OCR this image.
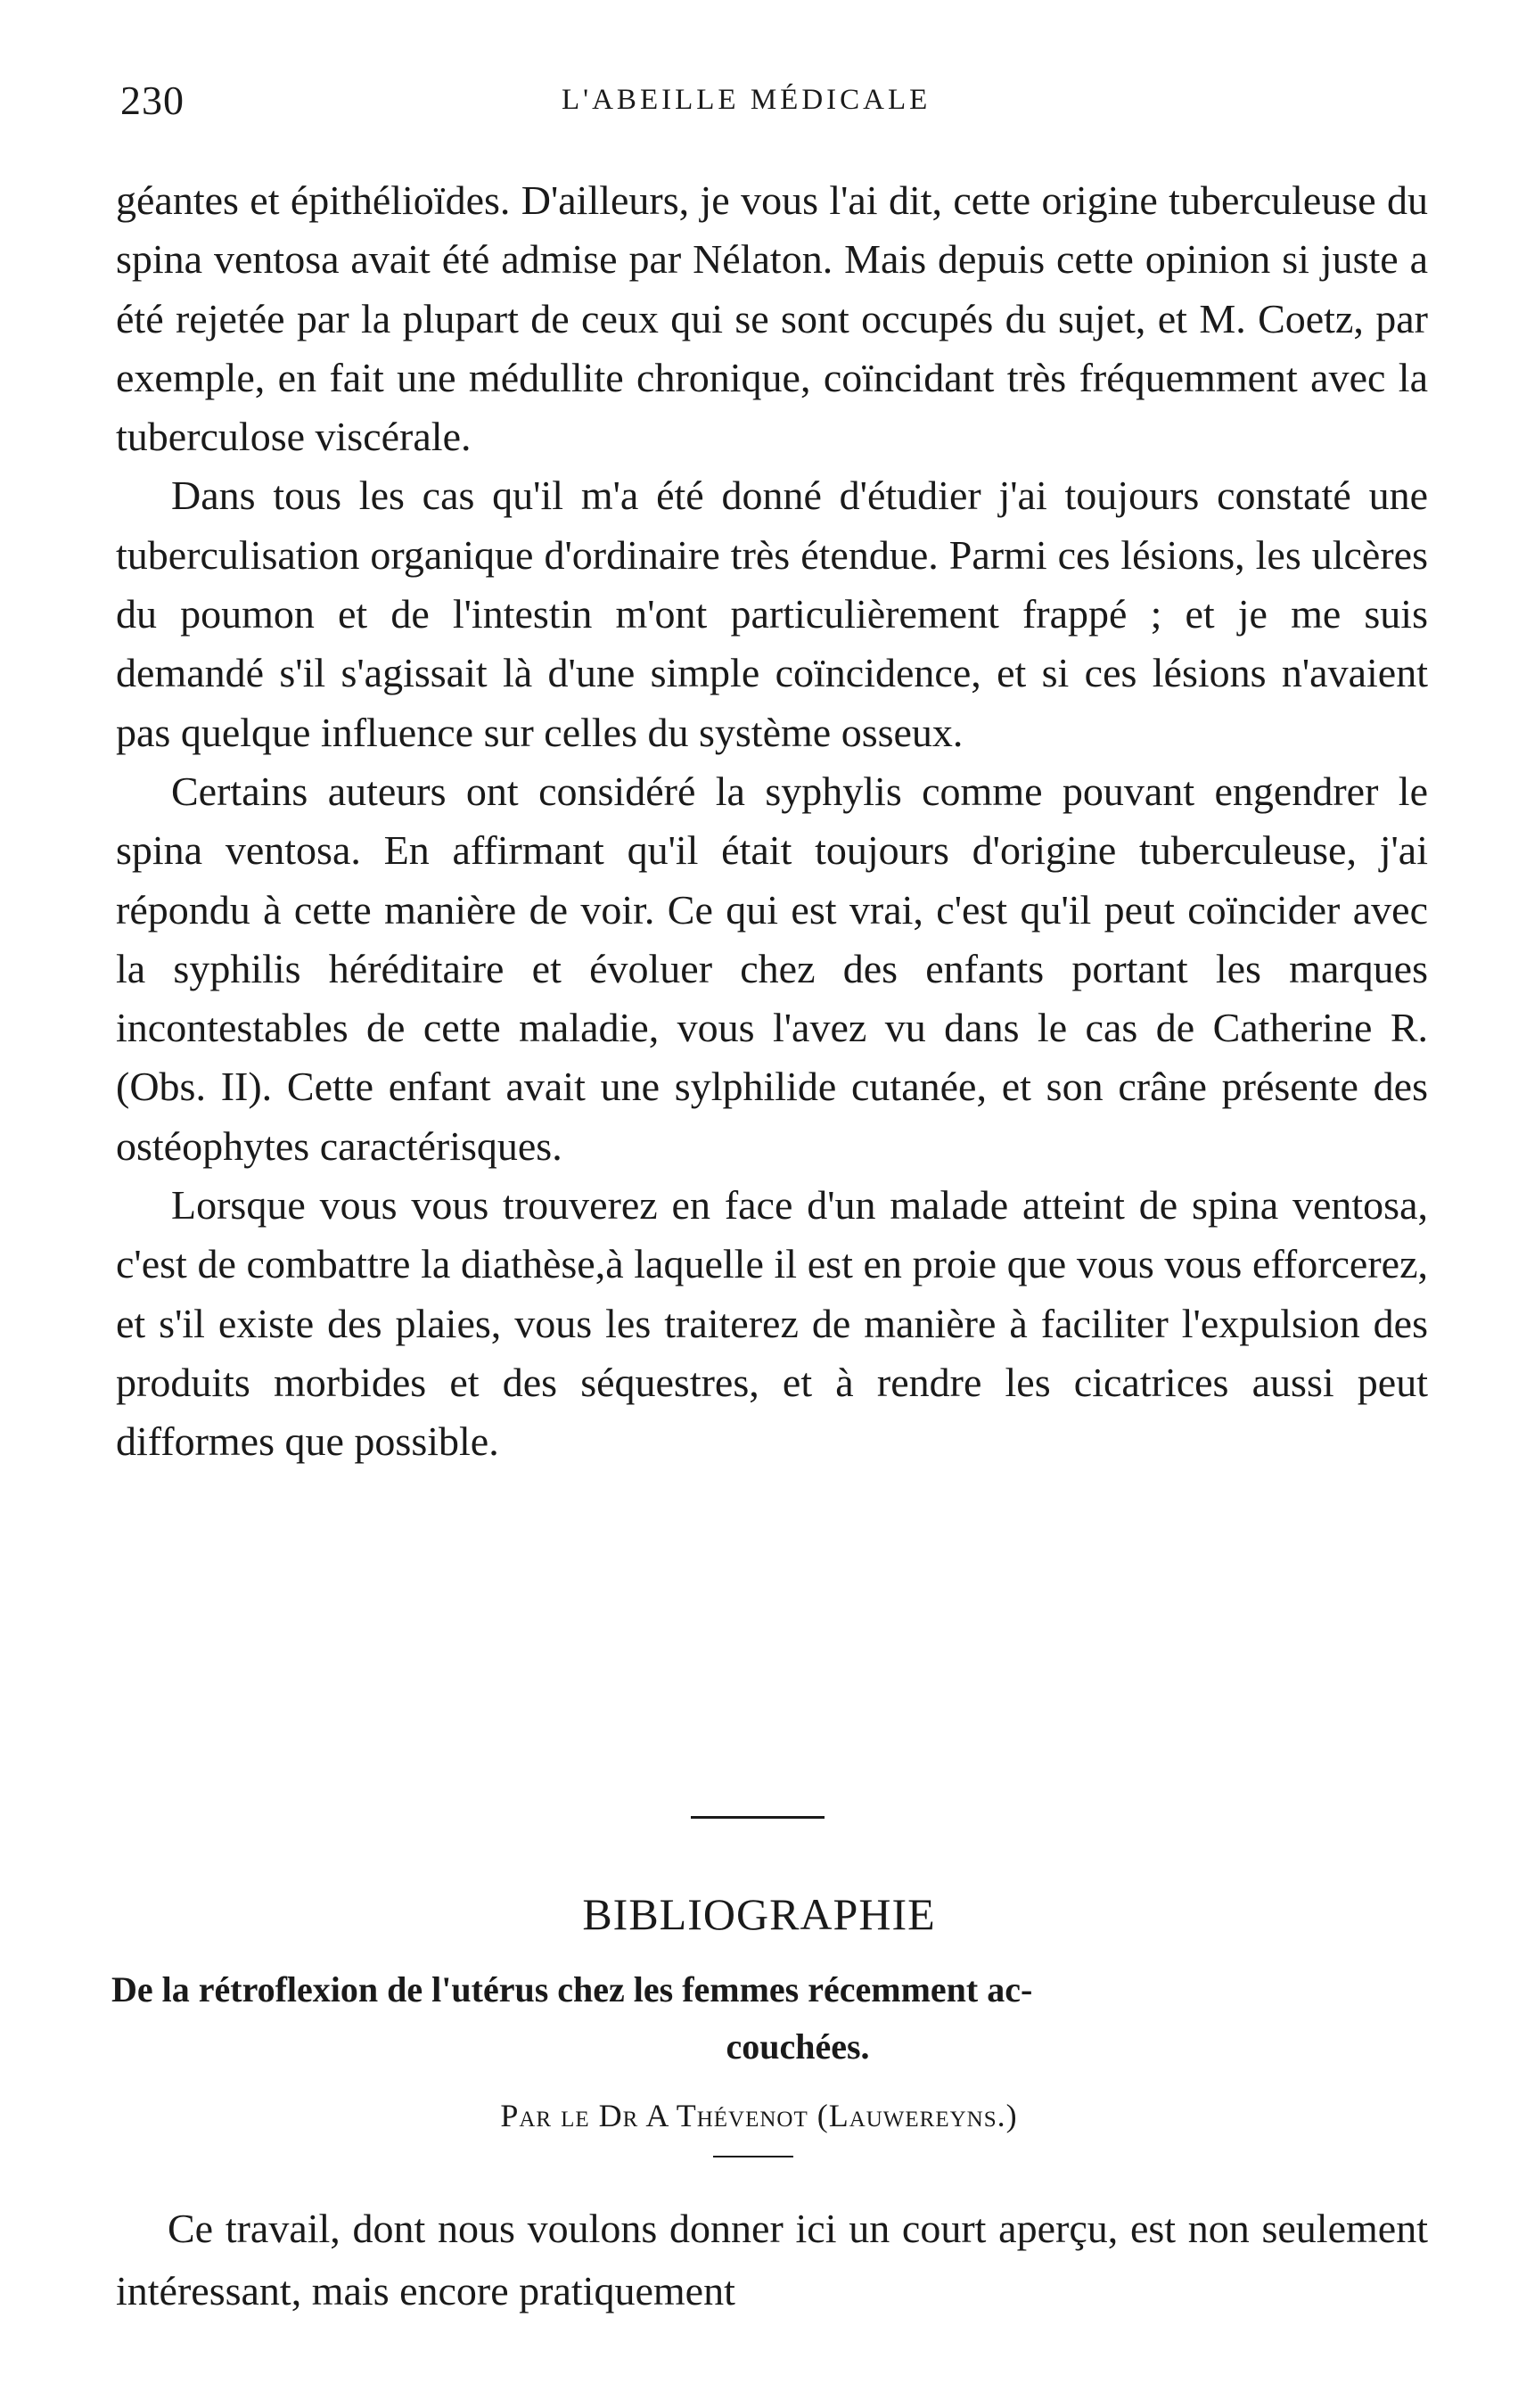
230	L'ABEILLE MÉDICALE

géantes et épithélioïdes. D'ailleurs, je vous l'ai dit, cette origine tuberculeuse du spina ventosa avait été admise par Nélaton. Mais depuis cette opinion si juste a été rejetée par la plupart de ceux qui se sont occupés du sujet, et M. Coetz, par exemple, en fait une médullite chronique, coïncidant très fréquemment avec la tuberculose viscérale.

Dans tous les cas qu'il m'a été donné d'étudier j'ai toujours constaté une tuberculisation organique d'ordinaire très étendue. Parmi ces lésions, les ulcères du poumon et de l'intestin m'ont particulièrement frappé ; et je me suis demandé s'il s'agissait là d'une simple coïncidence, et si ces lésions n'avaient pas quelque influence sur celles du système osseux.

Certains auteurs ont considéré la syphylis comme pouvant engendrer le spina ventosa. En affirmant qu'il était toujours d'origine tuberculeuse, j'ai répondu à cette manière de voir. Ce qui est vrai, c'est qu'il peut coïncider avec la syphilis héréditaire et évoluer chez des enfants portant les marques incontestables de cette maladie, vous l'avez vu dans le cas de Catherine R. (Obs. II). Cette enfant avait une sylphilide cutanée, et son crâne présente des ostéophytes caractérisques.

Lorsque vous vous trouverez en face d'un malade atteint de spina ventosa, c'est de combattre la diathèse,à laquelle il est en proie que vous vous efforcerez, et s'il existe des plaies, vous les traiterez de manière à faciliter l'expulsion des produits morbides et des séquestres, et à rendre les cicatrices aussi peut difformes que possible.

BIBLIOGRAPHIE
De la rétroflexion de l'utérus chez les femmes récemment ac-
couchées.
Par le Dr A Thévenot (Lauwereyns.)

Ce travail, dont nous voulons donner ici un court aperçu, est non seulement intéressant, mais encore pratiquement
